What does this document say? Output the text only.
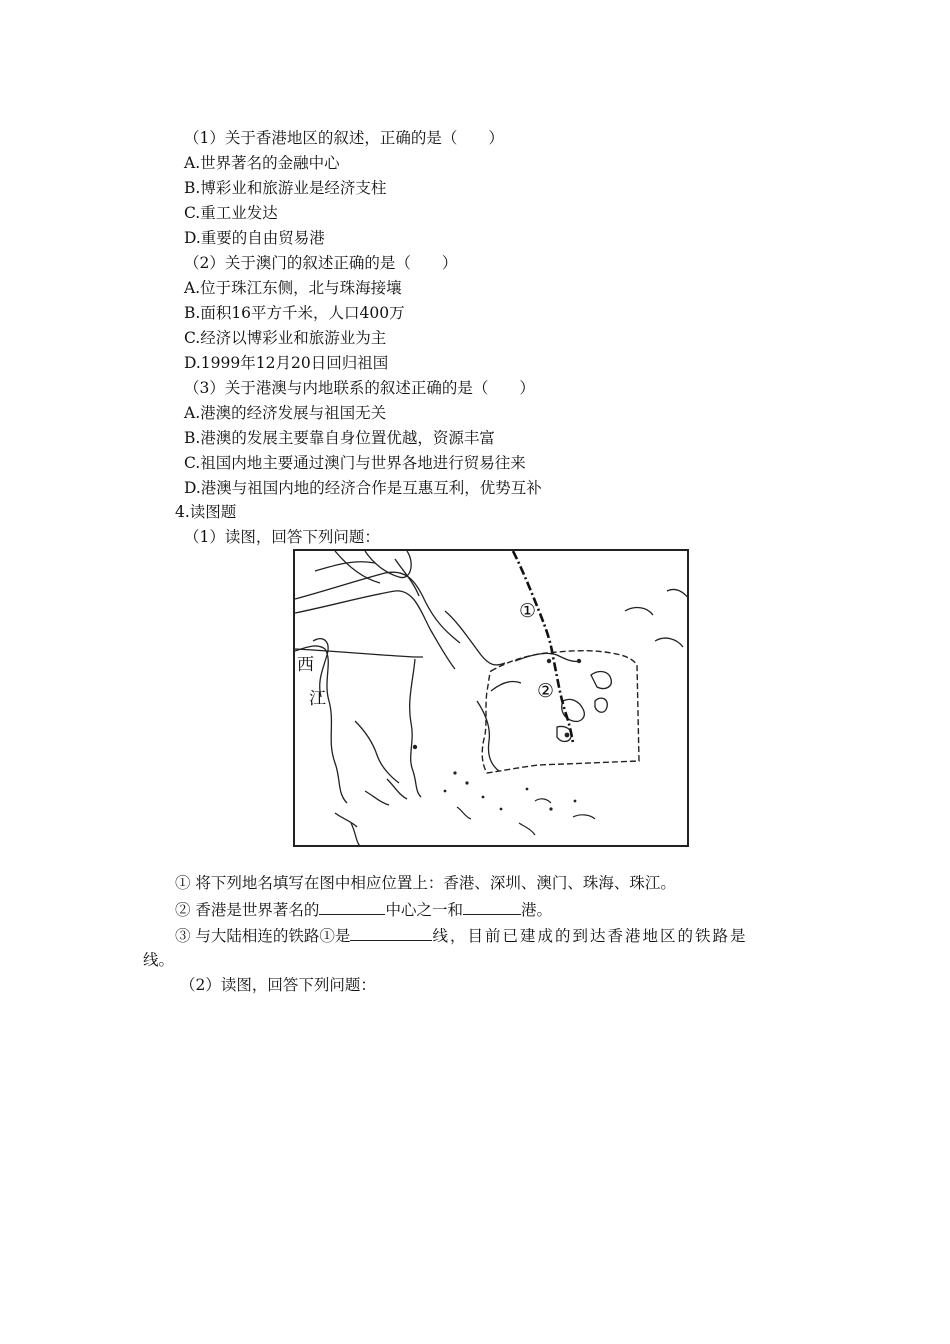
（1）关于香港地区的叙述，正确的是（　　）
A.世界著名的金融中心
B.博彩业和旅游业是经济支柱
C.重工业发达
D.重要的自由贸易港
（2）关于澳门的叙述正确的是（　　）
A.位于珠江东侧，北与珠海接壤
B.面积16平方千米，人口400万
C.经济以博彩业和旅游业为主
D.1999年12月20日回归祖国
（3）关于港澳与内地联系的叙述正确的是（　　）
A.港澳的经济发展与祖国无关
B.港澳的发展主要靠自身位置优越，资源丰富
C.祖国内地主要通过澳门与世界各地进行贸易往来
D.港澳与祖国内地的经济合作是互惠互利，优势互补
4.读图题
（1）读图，回答下列问题：
西
江
①
②
① 将下列地名填写在图中相应位置上：香港、深圳、澳门、珠海、珠江。
② 香港是世界著名的	中心之一和	港。
③ 与大陆相连的铁路①是	线，目前已建成的到达香港地区的铁路是
线。
（2）读图，回答下列问题：
